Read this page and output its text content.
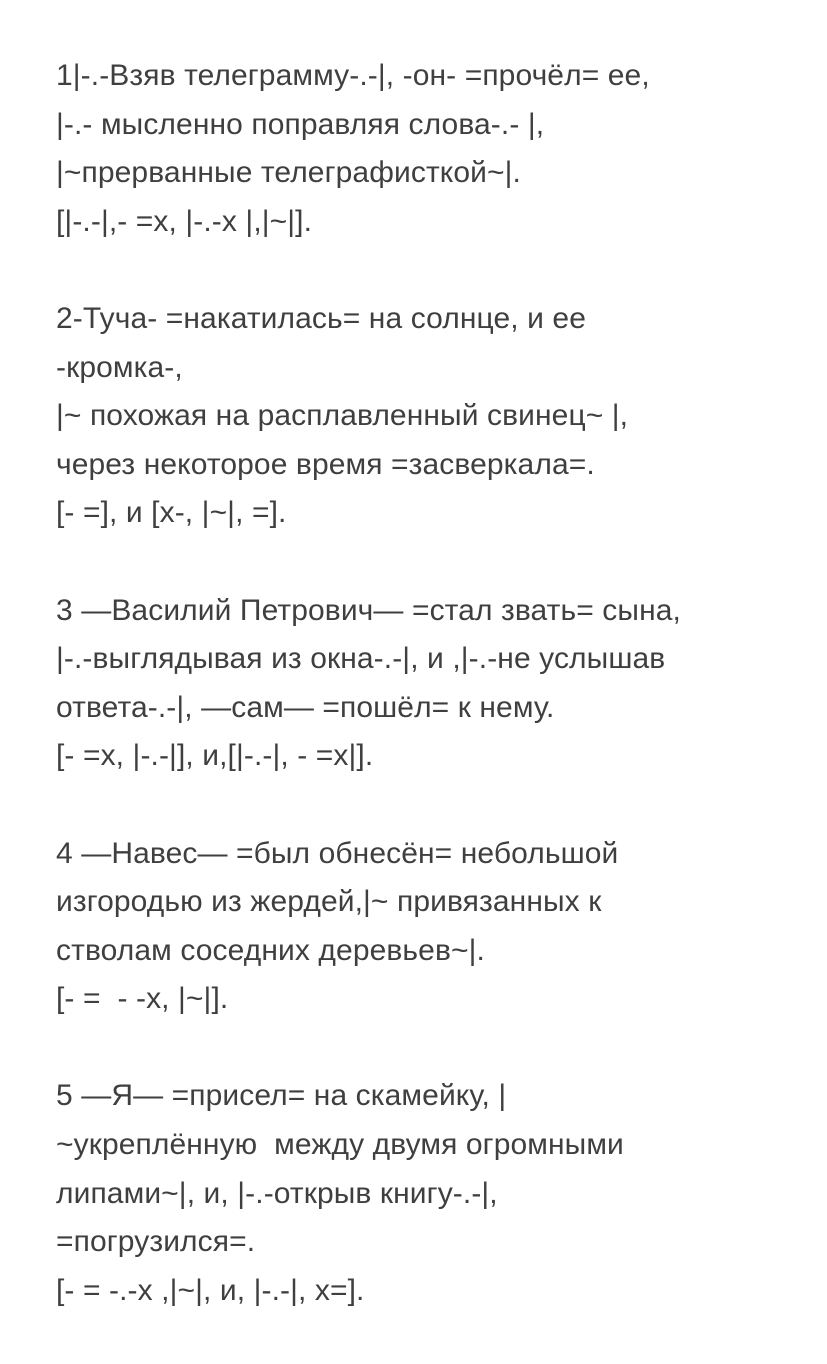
1|-.-Взяв телеграмму-.-|, -он- =прочёл= ее,
|-.- мысленно поправляя слова-.- |,
|~прерванные телеграфисткой~|.
[|-.-|,- =x, |-.-x |,|~|].
2-Туча- =накатилась= на солнце, и ее
-кромка-,
|~ похожая на расплавленный свинец~ |,
через некоторое время =засверкала=.
[- =], и [x-, |~|, =].
3 —Василий Петрович— =стал звать= сына,
|-.-выглядывая из окна-.-|, и ,|-.-не услышав
ответа-.-|, —сам— =пошёл= к нему.
[- =x, |-.-|], и,[|-.-|, - =x|].
4 —Навес— =был обнесён= небольшой
изгородью из жердей,|~ привязанных к
стволам соседних деревьев~|.
[- =  - -x, |~|].
5 —Я— =присел= на скамейку, |
~укреплённую  между двумя огромными
липами~|, и, |-.-открыв книгу-.-|,
=погрузился=.
[- = -.-x ,|~|, и, |-.-|, x=].
